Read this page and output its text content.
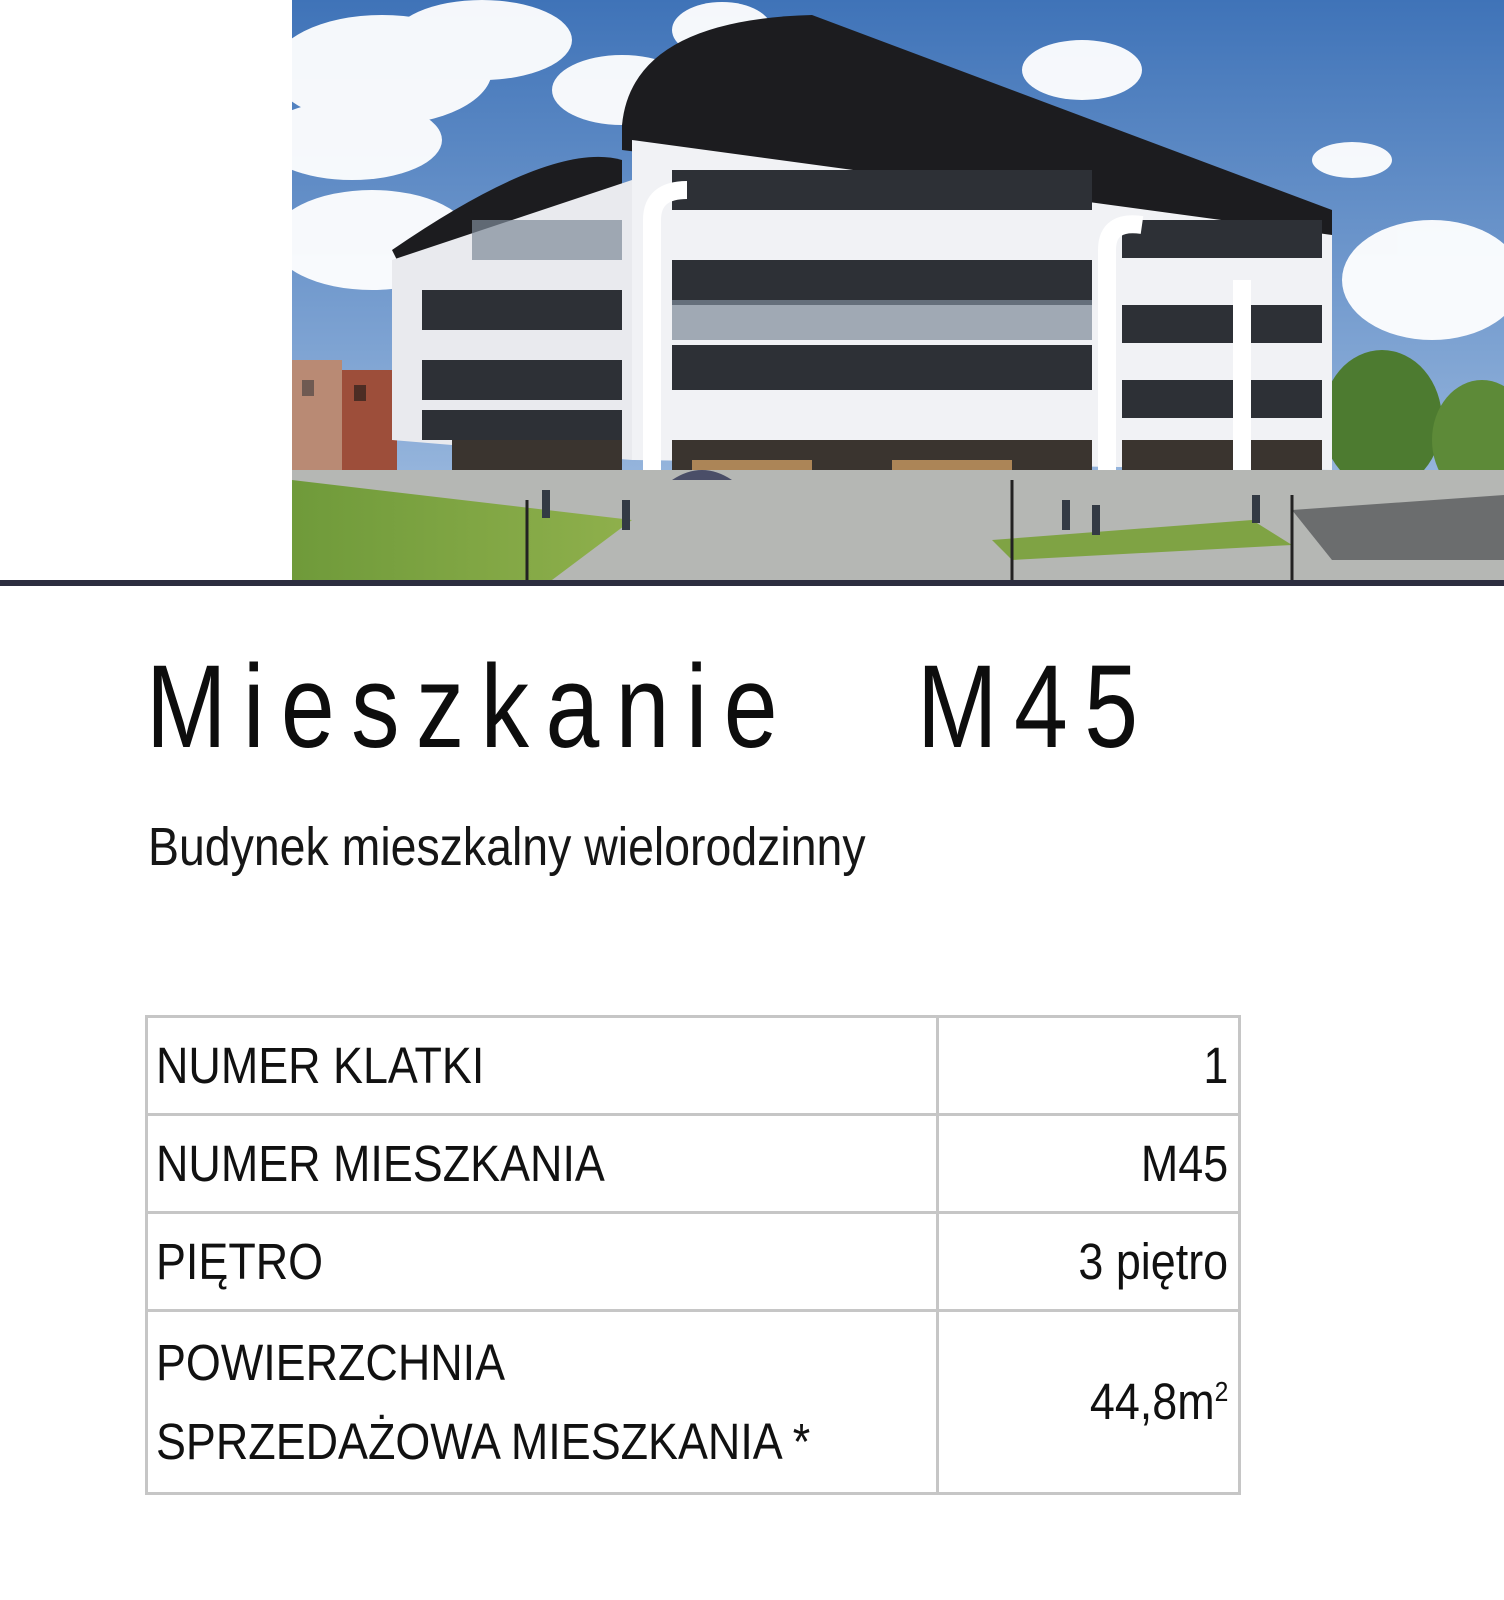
Mieszkanie M45
Budynek mieszkalny wielorodzinny
NUMER KLATKI	1
NUMER MIESZKANIA	M45
PIĘTRO	3 piętro
POWIERZCHNIA
SPRZEDAŻOWA MIESZKANIA *	$44,8m^2$
